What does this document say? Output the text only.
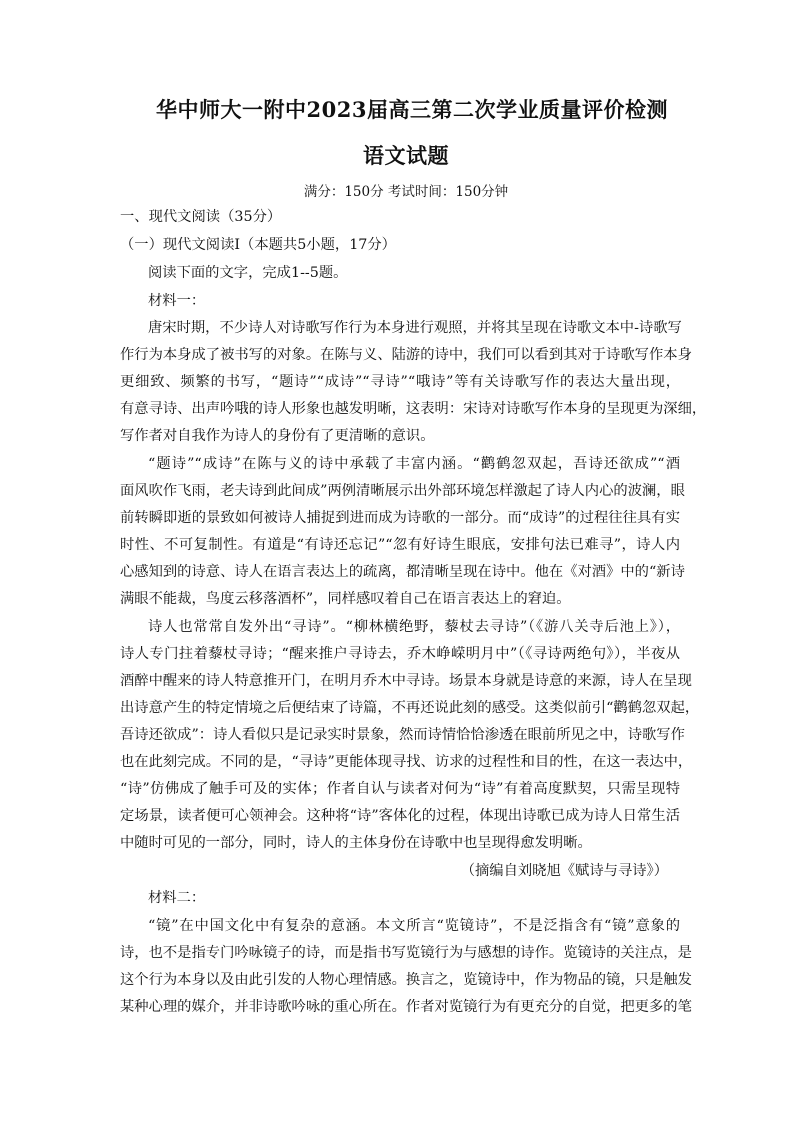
华中师大一附中2023届高三第二次学业质量评价检测
语文试题
满分：150分 考试时间：150分钟
一、现代文阅读（35分）
（一）现代文阅读Ⅰ（本题共5小题，17分）
阅读下面的文字，完成1--5题。
材料一：
唐宋时期，不少诗人对诗歌写作行为本身进行观照，并将其呈现在诗歌文本中-诗歌写
作行为本身成了被书写的对象。在陈与义、陆游的诗中，我们可以看到其对于诗歌写作本身
更细致、频繁的书写，“题诗”“成诗”“寻诗”“哦诗”等有关诗歌写作的表达大量出现，
有意寻诗、出声吟哦的诗人形象也越发明晰，这表明：宋诗对诗歌写作本身的呈现更为深细，
写作者对自我作为诗人的身份有了更清晰的意识。
“题诗”“成诗”在陈与义的诗中承载了丰富内涵。“鹳鹤忽双起，吾诗还欲成”“酒
面风吹作飞雨，老夫诗到此间成”两例清晰展示出外部环境怎样激起了诗人内心的波澜，眼
前转瞬即逝的景致如何被诗人捕捉到进而成为诗歌的一部分。而“成诗”的过程往往具有实
时性、不可复制性。有道是“有诗还忘记”“忽有好诗生眼底，安排句法已难寻”，诗人内
心感知到的诗意、诗人在语言表达上的疏离，都清晰呈现在诗中。他在《对酒》中的“新诗
满眼不能裁，鸟度云移落酒杯”，同样感叹着自己在语言表达上的窘迫。
诗人也常常自发外出“寻诗”。“柳林横绝野，藜杖去寻诗”（《游八关寺后池上》），
诗人专门拄着藜杖寻诗；“醒来推户寻诗去，乔木峥嵘明月中”（《寻诗两绝句》），半夜从
酒醉中醒来的诗人特意推开门，在明月乔木中寻诗。场景本身就是诗意的来源，诗人在呈现
出诗意产生的特定情境之后便结束了诗篇，不再还说此刻的感受。这类似前引“鹳鹤忽双起，
吾诗还欲成”：诗人看似只是记录实时景象，然而诗情恰恰渗透在眼前所见之中，诗歌写作
也在此刻完成。不同的是，“寻诗”更能体现寻找、访求的过程性和目的性，在这一表达中，
“诗”仿佛成了触手可及的实体；作者自认与读者对何为“诗”有着高度默契，只需呈现特
定场景，读者便可心领神会。这种将“诗”客体化的过程，体现出诗歌已成为诗人日常生活
中随时可见的一部分，同时，诗人的主体身份在诗歌中也呈现得愈发明晰。
（摘编自刘晓旭《赋诗与寻诗》）
材料二：
“镜”在中国文化中有复杂的意涵。本文所言“览镜诗”，不是泛指含有“镜”意象的
诗，也不是指专门吟咏镜子的诗，而是指书写览镜行为与感想的诗作。览镜诗的关注点，是
这个行为本身以及由此引发的人物心理情感。换言之，览镜诗中，作为物品的镜，只是触发
某种心理的媒介，并非诗歌吟咏的重心所在。作者对览镜行为有更充分的自觉，把更多的笔
